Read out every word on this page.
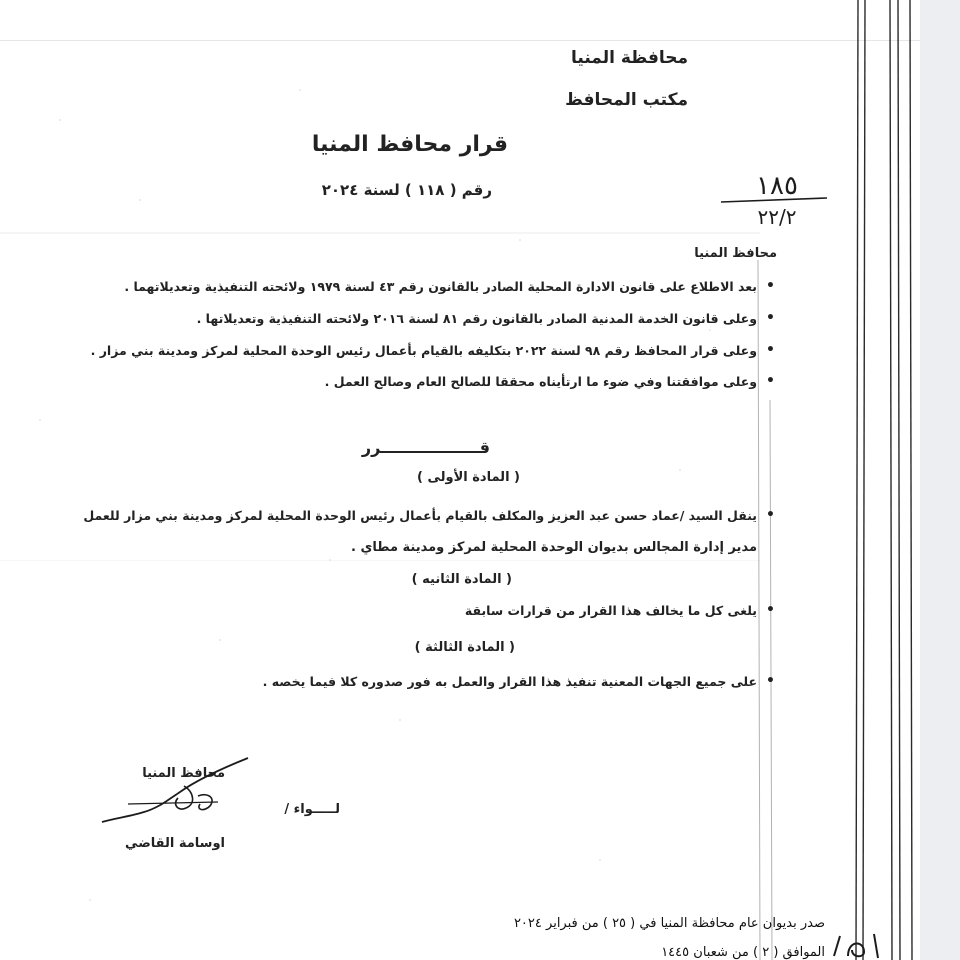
محافظة المنيا
مكتب المحافظ
قرار محافظ المنيا
رقم ( ١١٨ ) لسنة ٢٠٢٤	١٨٥
٢٢/٢
محافظ المنيا
• بعد الاطلاع على قانون الادارة المحلية الصادر بالقانون رقم ٤٣ لسنة ١٩٧٩ ولائحته التنفيذية وتعديلاتهما .
• وعلى قانون الخدمة المدنية الصادر بالقانون رقم ٨١ لسنة ٢٠١٦ ولائحته التنفيذية وتعديلاتها .
• وعلى قرار المحافظ رقم ٩٨ لسنة ٢٠٢٢ بتكليفه بالقيام بأعمال رئيس الوحدة المحلية لمركز ومدينة بني مزار .
• وعلى موافقتنا وفي ضوء ما ارتأيناه محققا للصالح العام وصالح العمل .
قــــــــــــــــــرر
( المادة الأولى )
• ينقل السيد /عماد حسن عبد العزيز والمكلف بالقيام بأعمال رئيس الوحدة المحلية لمركز ومدينة بني مزار للعمل
مدير إدارة المجالس بديوان الوحدة المحلية لمركز ومدينة مطاي .
( المادة الثانيه )
• يلغى كل ما يخالف هذا القرار من قرارات سابقة
( المادة الثالثة )
• على جميع الجهات المعنية تنفيذ هذا القرار والعمل به فور صدوره كلا فيما يخصه .
محافظ المنيا
لـــــواء /
اوسامة القاضي
صدر بديوان عام محافظة المنيا في ( ٢٥ ) من فبراير ٢٠٢٤
الموافق ( ٢ ) من شعبان ١٤٤٥
